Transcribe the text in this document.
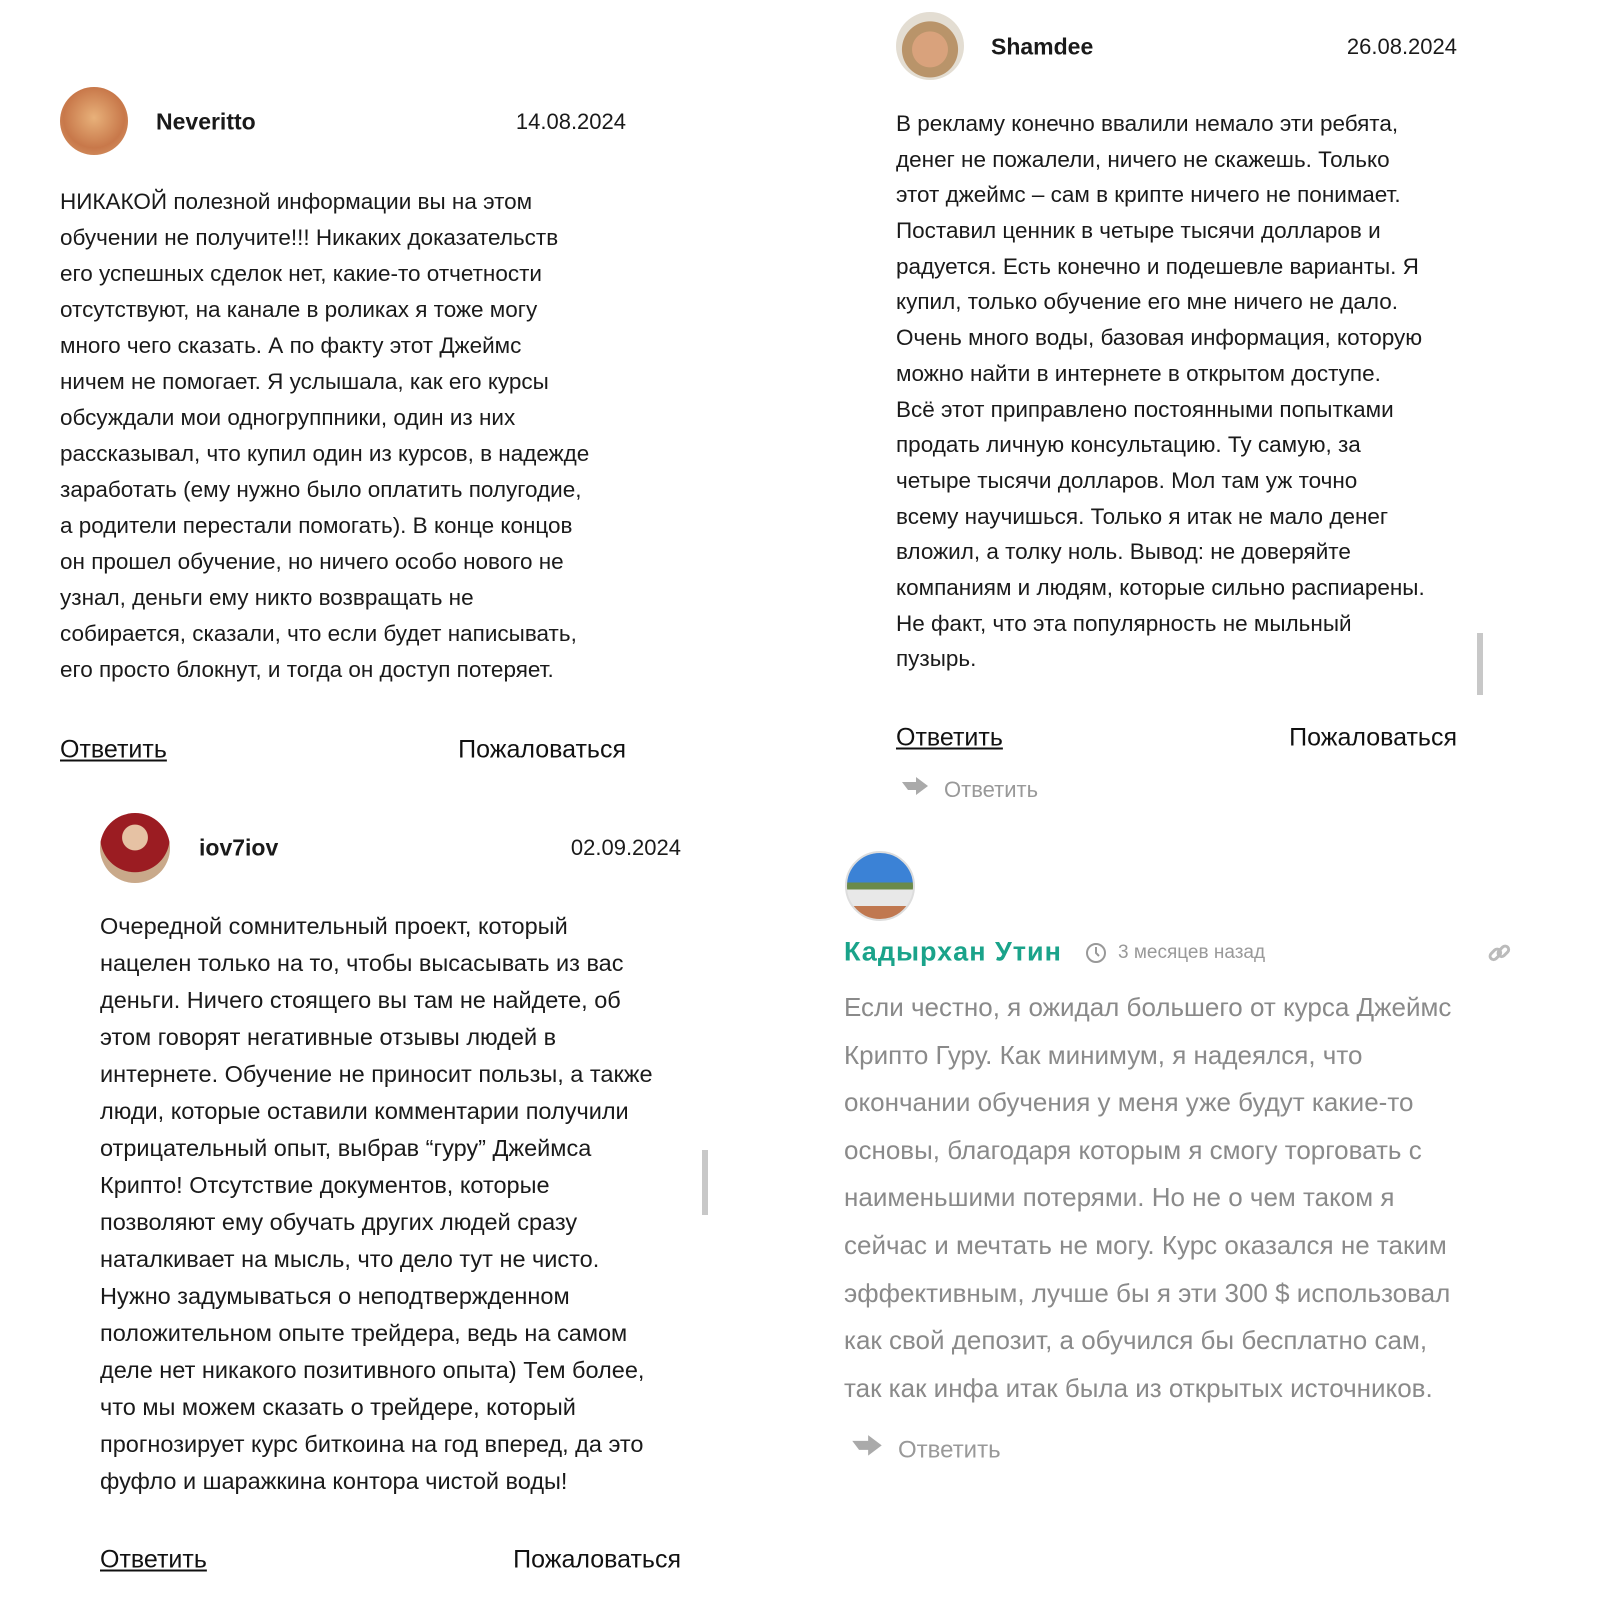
Neveritto	14.08.2024
НИКАКОЙ полезной информации вы на этом
обучении не получите!!! Никаких доказательств
его успешных сделок нет, какие-то отчетности
отсутствуют, на канале в роликах я тоже могу
много чего сказать. А по факту этот Джеймс
ничем не помогает. Я услышала, как его курсы
обсуждали мои одногруппники, один из них
рассказывал, что купил один из курсов, в надежде
заработать (ему нужно было оплатить полугодие,
а родители перестали помогать). В конце концов
он прошел обучение, но ничего особо нового не
узнал, деньги ему никто возвращать не
собирается, сказали, что если будет написывать,
его просто блокнут, и тогда он доступ потеряет.
Ответить	Пожаловаться
iov7iov	02.09.2024
Очередной сомнительный проект, который
нацелен только на то, чтобы высасывать из вас
деньги. Ничего стоящего вы там не найдете, об
этом говорят негативные отзывы людей в
интернете. Обучение не приносит пользы, а также
люди, которые оставили комментарии получили
отрицательный опыт, выбрав “гуру” Джеймса
Крипто! Отсутствие документов, которые
позволяют ему обучать других людей сразу
наталкивает на мысль, что дело тут не чисто.
Нужно задумываться о неподтвержденном
положительном опыте трейдера, ведь на самом
деле нет никакого позитивного опыта) Тем более,
что мы можем сказать о трейдере, который
прогнозирует курс биткоина на год вперед, да это
фуфло и шаражкина контора чистой воды!
Ответить	Пожаловаться
Shamdee	26.08.2024
В рекламу конечно ввалили немало эти ребята,
денег не пожалели, ничего не скажешь. Только
этот джеймс – сам в крипте ничего не понимает.
Поставил ценник в четыре тысячи долларов и
радуется. Есть конечно и подешевле варианты. Я
купил, только обучение его мне ничего не дало.
Очень много воды, базовая информация, которую
можно найти в интернете в открытом доступе.
Всё этот приправлено постоянными попытками
продать личную консультацию. Ту самую, за
четыре тысячи долларов. Мол там уж точно
всему научишься. Только я итак не мало денег
вложил, а толку ноль. Вывод: не доверяйте
компаниям и людям, которые сильно распиарены.
Не факт, что эта популярность не мыльный
пузырь.
Ответить	Пожаловаться
Ответить
Кадырхан Утин	3 месяцев назад
Если честно, я ожидал большего от курса Джеймс
Крипто Гуру. Как минимум, я надеялся, что
окончании обучения у меня уже будут какие-то
основы, благодаря которым я смогу торговать с
наименьшими потерями. Но не о чем таком я
сейчас и мечтать не могу. Курс оказался не таким
эффективным, лучше бы я эти 300 $ использовал
как свой депозит, а обучился бы бесплатно сам,
так как инфа итак была из открытых источников.
Ответить
